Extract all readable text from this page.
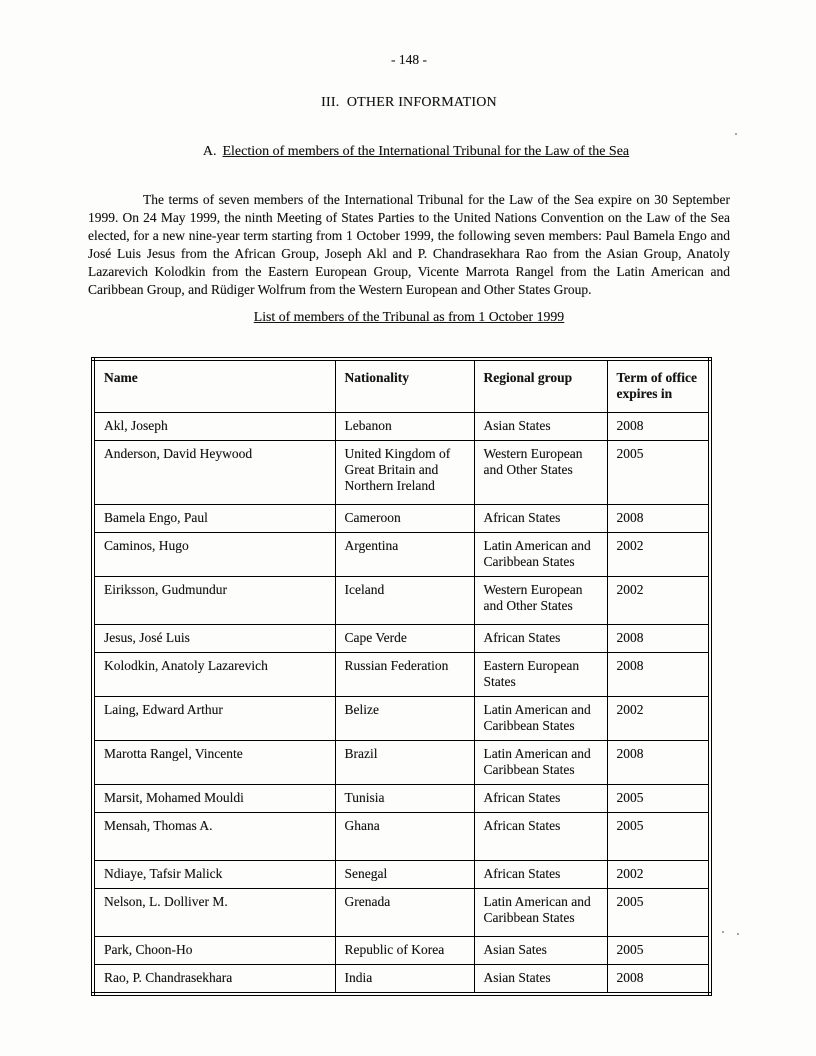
- 148 -
III.  OTHER INFORMATION

A. Election of members of the International Tribunal for the Law of the Sea

The terms of seven members of the International Tribunal for the Law of the Sea expire on 30 September 1999. On 24 May 1999, the ninth Meeting of States Parties to the United Nations Convention on the Law of the Sea elected, for a new nine-year term starting from 1 October 1999, the following seven members: Paul Bamela Engo and José Luis Jesus from the African Group, Joseph Akl and P. Chandrasekhara Rao from the Asian Group, Anatoly Lazarevich Kolodkin from the Eastern European Group, Vicente Marrota Rangel from the Latin American and Caribbean Group, and Rüdiger Wolfrum from the Western European and Other States Group.

List of members of the Tribunal as from 1 October 1999
Name	Nationality	Regional group	Term of office expires in
Akl, Joseph	Lebanon	Asian States	2008
Anderson, David Heywood	United Kingdom of Great Britain and Northern Ireland	Western European and Other States	2005
Bamela Engo, Paul	Cameroon	African States	2008
Caminos, Hugo	Argentina	Latin American and Caribbean States	2002
Eiriksson, Gudmundur	Iceland	Western European and Other States	2002
Jesus, José Luis	Cape Verde	African States	2008
Kolodkin, Anatoly Lazarevich	Russian Federation	Eastern European States	2008
Laing, Edward Arthur	Belize	Latin American and Caribbean States	2002
Marotta Rangel, Vincente	Brazil	Latin American and Caribbean States	2008
Marsit, Mohamed Mouldi	Tunisia	African States	2005
Mensah, Thomas A.	Ghana	African States	2005
Ndiaye, Tafsir Malick	Senegal	African States	2002
Nelson, L. Dolliver M.	Grenada	Latin American and Caribbean States	2005
Park, Choon-Ho	Republic of Korea	Asian Sates	2005
Rao, P. Chandrasekhara	India	Asian States	2008
